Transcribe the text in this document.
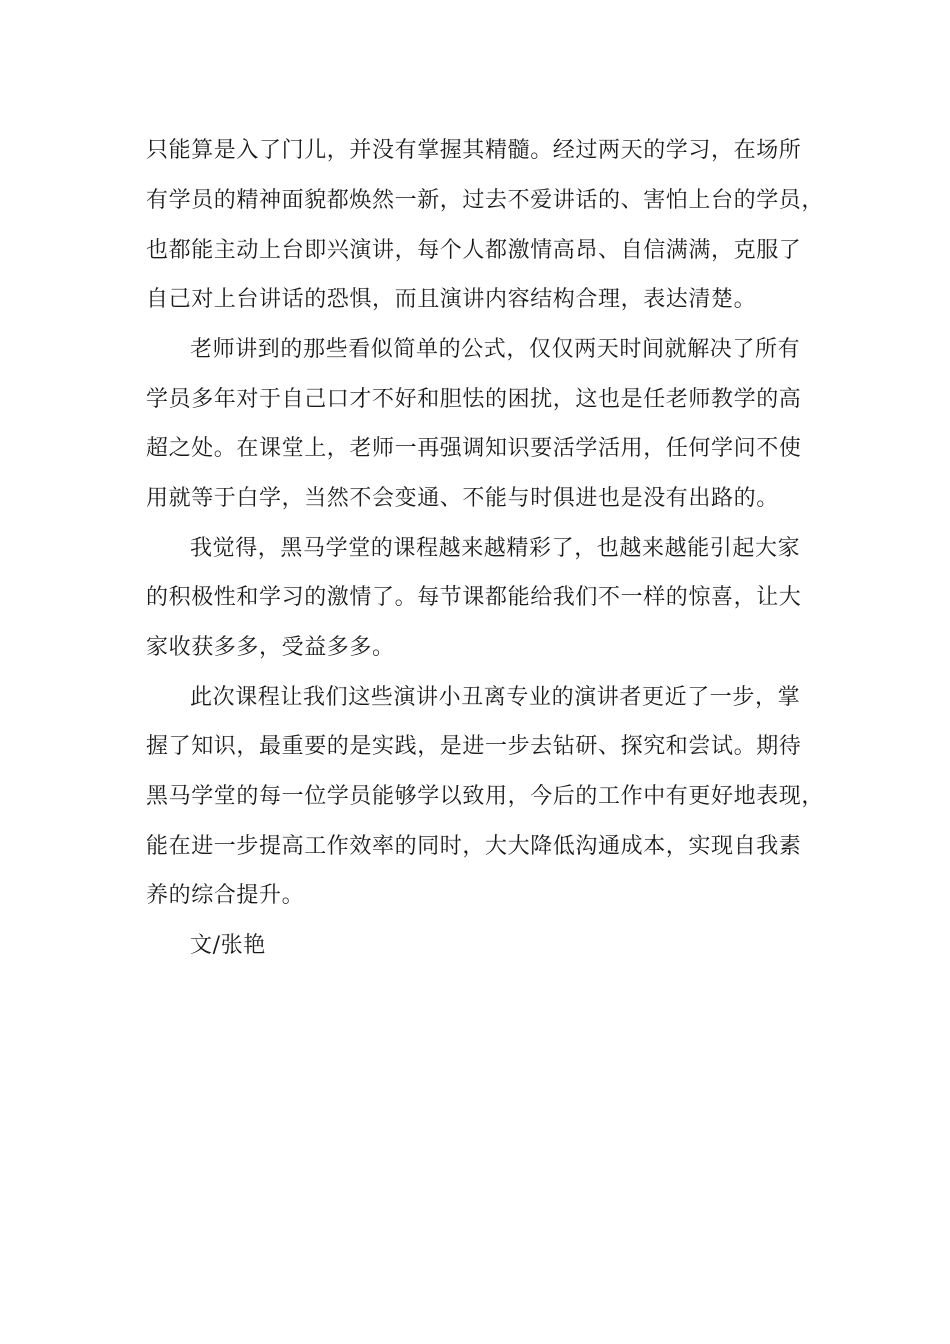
只能算是入了门儿，并没有掌握其精髓。经过两天的学习，在场所
有学员的精神面貌都焕然一新，过去不爱讲话的、害怕上台的学员，
也都能主动上台即兴演讲，每个人都激情高昂、自信满满，克服了
自己对上台讲话的恐惧，而且演讲内容结构合理，表达清楚。
老师讲到的那些看似简单的公式，仅仅两天时间就解决了所有
学员多年对于自己口才不好和胆怯的困扰，这也是任老师教学的高
超之处。在课堂上，老师一再强调知识要活学活用，任何学问不使
用就等于白学，当然不会变通、不能与时俱进也是没有出路的。
我觉得，黑马学堂的课程越来越精彩了，也越来越能引起大家
的积极性和学习的激情了。每节课都能给我们不一样的惊喜，让大
家收获多多，受益多多。
此次课程让我们这些演讲小丑离专业的演讲者更近了一步，掌
握了知识，最重要的是实践，是进一步去钻研、探究和尝试。期待
黑马学堂的每一位学员能够学以致用，今后的工作中有更好地表现，
能在进一步提高工作效率的同时，大大降低沟通成本，实现自我素
养的综合提升。
文/张艳
